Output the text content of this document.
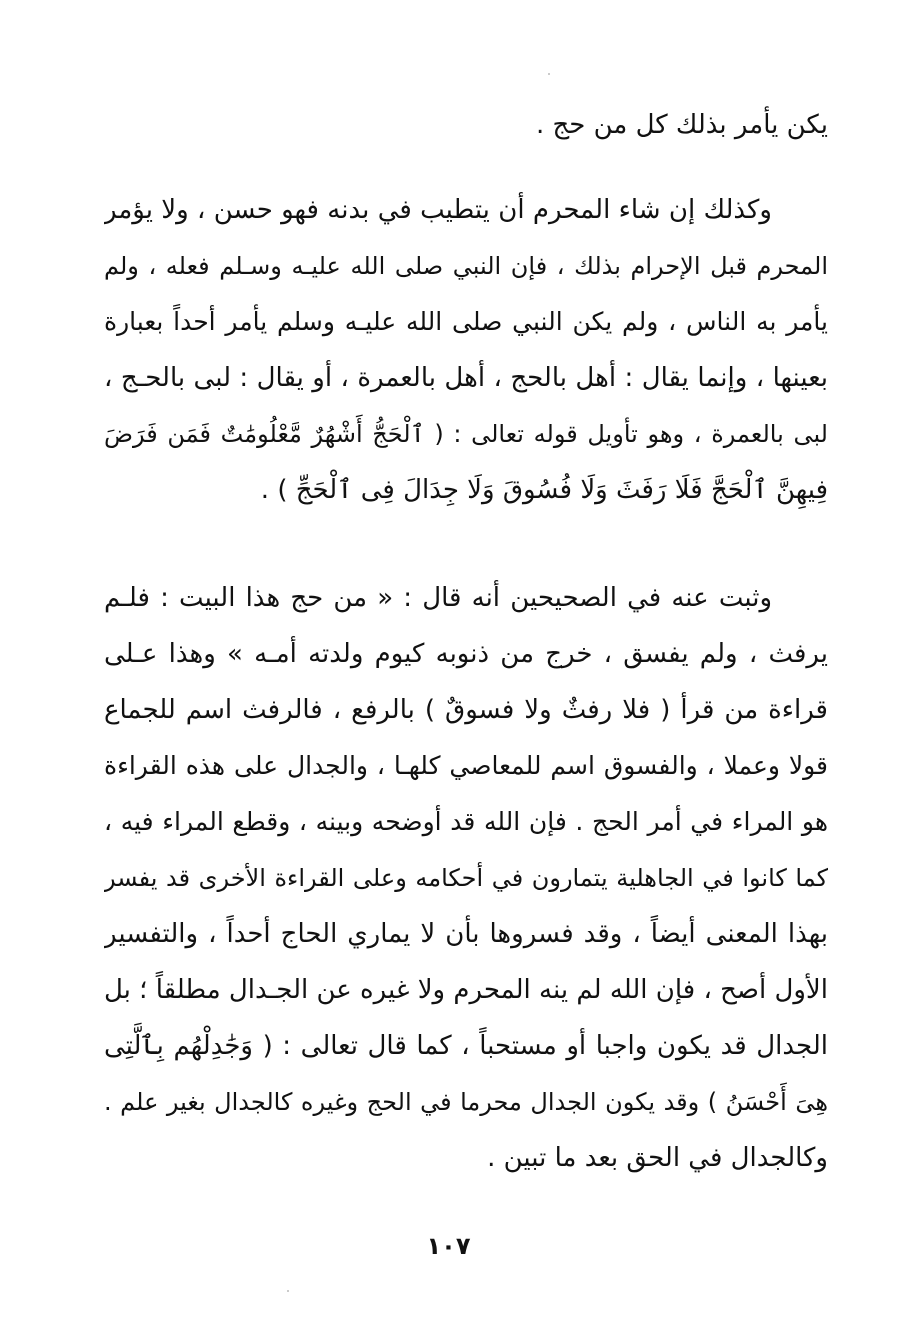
يكن يأمر بذلك كل من حج .
وكذلك إن شاء المحرم أن يتطيب في بدنه فهو حسن ، ولا يؤمر
المحرم قبل الإحرام بذلك ، فإن النبي صلى الله عليـه وسـلم فعله ، ولم
يأمر به الناس ، ولم يكن النبي صلى الله عليـه وسلم يأمر أحداً بعبارة
بعينها ، وإنما يقال : أهل بالحج ، أهل بالعمرة ، أو يقال : لبى بالحـج ،
لبى بالعمرة ، وهو تأويل قوله تعالى : ( ٱلْحَجُّ أَشْهُرٌ مَّعْلُومَٰتٌ فَمَن فَرَضَ
فِيهِنَّ ٱلْحَجَّ فَلَا رَفَثَ وَلَا فُسُوقَ وَلَا جِدَالَ فِى ٱلْحَجِّ ) .
وثبت عنه في الصحيحين أنه قال : « من حج هذا البيت : فلـم
يرفث ، ولم يفسق ، خرج من ذنوبه كيوم ولدته أمـه » وهذا عـلى
قراءة من قرأ ( فلا رفثٌ ولا فسوقٌ ) بالرفع ، فالرفث اسم للجماع
قولا وعملا ، والفسوق اسم للمعاصي كلهـا ، والجدال على هذه القراءة
هو المراء في أمر الحج . فإن الله قد أوضحه وبينه ، وقطع المراء فيه ،
كما كانوا في الجاهلية يتمارون في أحكامه وعلى القراءة الأخرى قد يفسر
بهذا المعنى أيضاً ، وقد فسروها بأن لا يماري الحاج أحداً ، والتفسير
الأول أصح ، فإن الله لم ينه المحرم ولا غيره عن الجـدال مطلقاً ؛ بل
الجدال قد يكون واجبا أو مستحباً ، كما قال تعالى : ( وَجَٰدِلْهُم بِٱلَّتِى
هِىَ أَحْسَنُ ) وقد يكون الجدال محرما في الحج وغيره كالجدال بغير علم .
وكالجدال في الحق بعد ما تبين .
١٠٧
